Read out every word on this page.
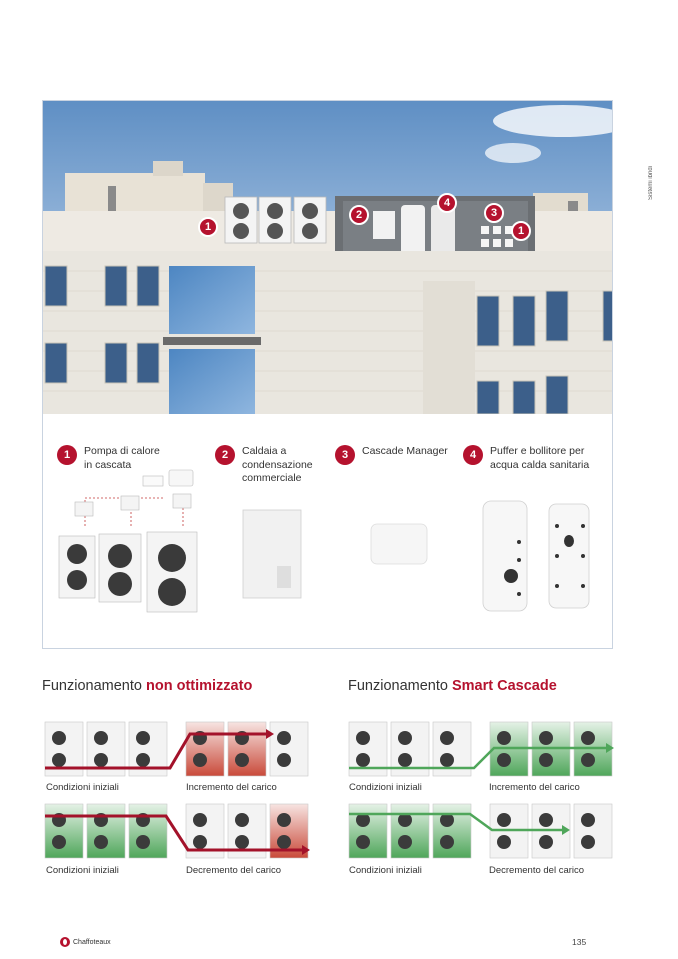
Sistemi ibridi
1
2
4
3
1
1	Pompa di calore
in cascata
2	Caldaia a
condensazione
commerciale
3	Cascade Manager	4	Puffer e bollitore per
acqua calda sanitaria
Funzionamento non ottimizzato	Funzionamento Smart Cascade
Condizioni iniziali	Incremento del carico
Condizioni iniziali	Decremento del carico
Condizioni iniziali	Incremento del carico
Condizioni iniziali	Decremento del carico
Chaffoteaux	135
